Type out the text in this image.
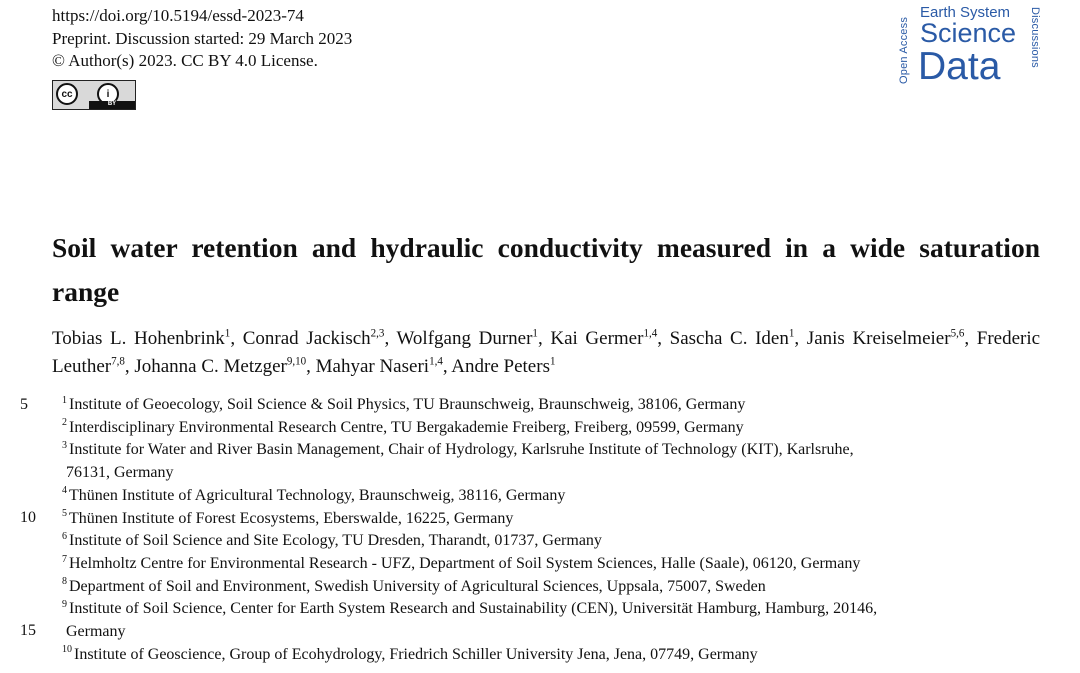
https://doi.org/10.5194/essd-2023-74
Preprint. Discussion started: 29 March 2023
© Author(s) 2023. CC BY 4.0 License.
cc	i
BY
Open Access	Discussions
Earth System
Science
Data
Soil water retention and hydraulic conductivity measured in a wide saturation range

Tobias L. Hohenbrink$^1$, Conrad Jackisch$^{2,3}$, Wolfgang Durner$^1$, Kai Germer$^{1,4}$, Sascha C. Iden$^1$, Janis Kreiselmeier$^{5,6}$, Frederic Leuther$^{7,8}$, Johanna C. Metzger$^{9,10}$, Mahyar Naseri$^{1,4}$, Andre Peters$^1$

5
10
15
$^1$ Institute of Geoecology, Soil Science & Soil Physics, TU Braunschweig, Braunschweig, 38106, Germany
$^2$ Interdisciplinary Environmental Research Centre, TU Bergakademie Freiberg, Freiberg, 09599, Germany
$^3$ Institute for Water and River Basin Management, Chair of Hydrology, Karlsruhe Institute of Technology (KIT), Karlsruhe,
76131, Germany
$^4$ Thünen Institute of Agricultural Technology, Braunschweig, 38116, Germany
$^5$ Thünen Institute of Forest Ecosystems, Eberswalde, 16225, Germany
$^6$ Institute of Soil Science and Site Ecology, TU Dresden, Tharandt, 01737, Germany
$^7$ Helmholtz Centre for Environmental Research - UFZ, Department of Soil System Sciences, Halle (Saale), 06120, Germany
$^8$ Department of Soil and Environment, Swedish University of Agricultural Sciences, Uppsala, 75007, Sweden
$^9$ Institute of Soil Science, Center for Earth System Research and Sustainability (CEN), Universität Hamburg, Hamburg, 20146,
Germany
$^{10}$ Institute of Geoscience, Group of Ecohydrology, Friedrich Schiller University Jena, Jena, 07749, Germany
